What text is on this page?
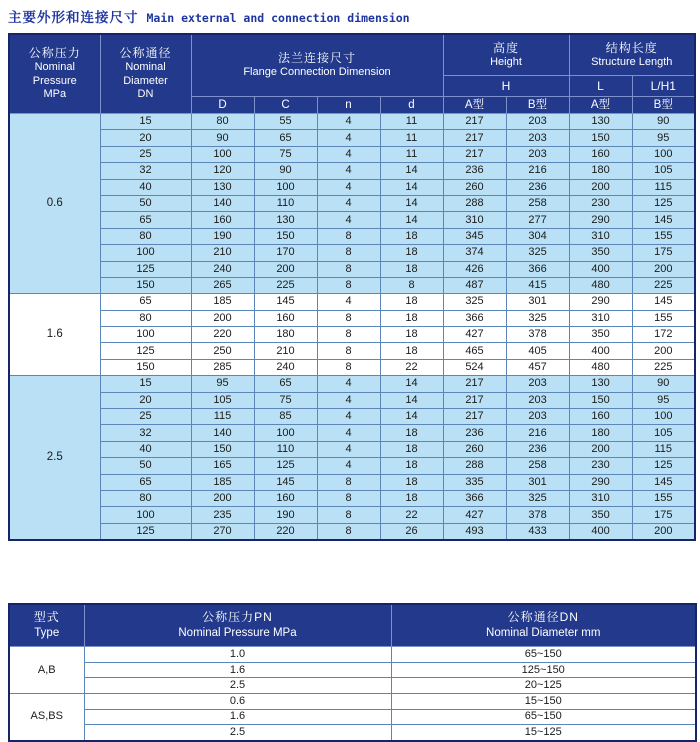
主要外形和连接尺寸 Main external and connection dimension
公称压力
Nominal
Pressure
MPa	公称通径
Nominal
Diameter
DN	法兰连接尺寸
Flange Connection Dimension				高度
Height		结构长度
Structure Length	

						H		L	L/H1
		D	C	n	d	A型	B型	A型	B型
0.6	15	80	55	4	11	217	203	130	90
	20	90	65	4	11	217	203	150	95
	25	100	75	4	11	217	203	160	100
	32	120	90	4	14	236	216	180	105
	40	130	100	4	14	260	236	200	115
	50	140	110	4	14	288	258	230	125
	65	160	130	4	14	310	277	290	145
	80	190	150	8	18	345	304	310	155
	100	210	170	8	18	374	325	350	175
	125	240	200	8	18	426	366	400	200
	150	265	225	8	8	487	415	480	225
1.6	65	185	145	4	18	325	301	290	145
	80	200	160	8	18	366	325	310	155
	100	220	180	8	18	427	378	350	172
	125	250	210	8	18	465	405	400	200
	150	285	240	8	22	524	457	480	225
2.5	15	95	65	4	14	217	203	130	90
	20	105	75	4	14	217	203	150	95
	25	115	85	4	14	217	203	160	100
	32	140	100	4	18	236	216	180	105
	40	150	110	4	18	260	236	200	115
	50	165	125	4	18	288	258	230	125
	65	185	145	8	18	335	301	290	145
	80	200	160	8	18	366	325	310	155
	100	235	190	8	22	427	378	350	175
	125	270	220	8	26	493	433	400	200
型式
Type	公称压力PN
Nominal Pressure MPa	公称通径DN
Nominal Diameter mm

A,B	1.0	65~150
	1.6	125~150
	2.5	20~125
AS,BS	0.6	15~150
	1.6	65~150
	2.5	15~125
